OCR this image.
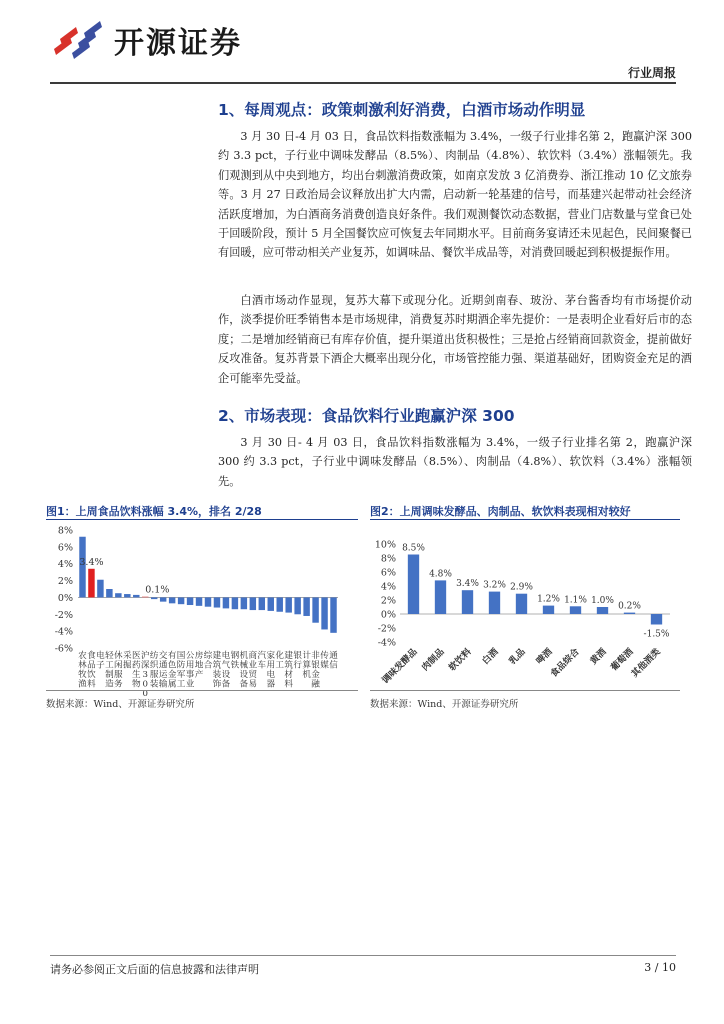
开源证券
行业周报
1、每周观点：政策刺激利好消费，白酒市场动作明显

3 月 30 日-4 月 03 日，食品饮料指数涨幅为 3.4%，一级子行业排名第 2，跑赢沪深 300 约 3.3 pct，子行业中调味发酵品（8.5%）、肉制品（4.8%）、软饮料（3.4%）涨幅领先。我们观测到从中央到地方，均出台刺激消费政策，如南京发放 3 亿消费券、浙江推动 10 亿文旅券等。3 月 27 日政治局会议释放出扩大内需，启动新一轮基建的信号，而基建兴起带动社会经济活跃度增加，为白酒商务消费创造良好条件。我们观测餐饮动态数据，营业门店数量与堂食已处于回暖阶段，预计 5 月全国餐饮应可恢复去年同期水平。目前商务宴请还未见起色，民间聚餐已有回暖，应可带动相关产业复苏，如调味品、餐饮半成品等，对消费回暖起到积极提振作用。

白酒市场动作显现，复苏大幕下或现分化。近期剑南春、玻汾、茅台酱香均有市场提价动作，淡季提价旺季销售本是市场规律，消费复苏时期酒企率先提价：一是表明企业看好后市的态度；二是增加经销商已有库存价值，提升渠道出货积极性；三是抢占经销商回款资金，提前做好反攻准备。复苏背景下酒企大概率出现分化，市场管控能力强、渠道基础好，团购资金充足的酒企可能率先受益。

2、市场表现：食品饮料行业跑赢沪深 300

3 月 30 日- 4 月 03 日，食品饮料指数涨幅为 3.4%，一级子行业排名第 2，跑赢沪深 300 约 3.3 pct，子行业中调味发酵品（8.5%）、肉制品（4.8%）、软饮料（3.4%）涨幅领先。

图1：上周食品饮料涨幅 3.4%，排名 2/28
8%
6%
4%
2%
0%
-2%
-4%
-6%
农林牧渔
3.4%
食品饮料
电子
轻工制造
休闲服务
采掘
医药生物
0.1%
沪深 3 0 0
纺织服装
交通运输
有色金属
国防军工
公用事业
房地产
综合
建筑装饰
电气设备
钢铁
机械设备
商业贸易
汽车
家用电器
化工
建筑材料
银行
计算机
非银金融
传媒
通信
数据来源：Wind、开源证券研究所
图2：上周调味发酵品、肉制品、软饮料表现相对较好
10%
8%
6%
4%
2%
0%
-2%
-4%
8.5%
调味发酵品
4.8%
肉制品
3.4%
软饮料
3.2%
白酒
2.9%
乳品
1.2%
啤酒
1.1%
食品综合
1.0%
黄酒
0.2%
葡萄酒
-1.5%
其他酒类
数据来源：Wind、开源证券研究所
请务必参阅正文后面的信息披露和法律声明	3 / 10
